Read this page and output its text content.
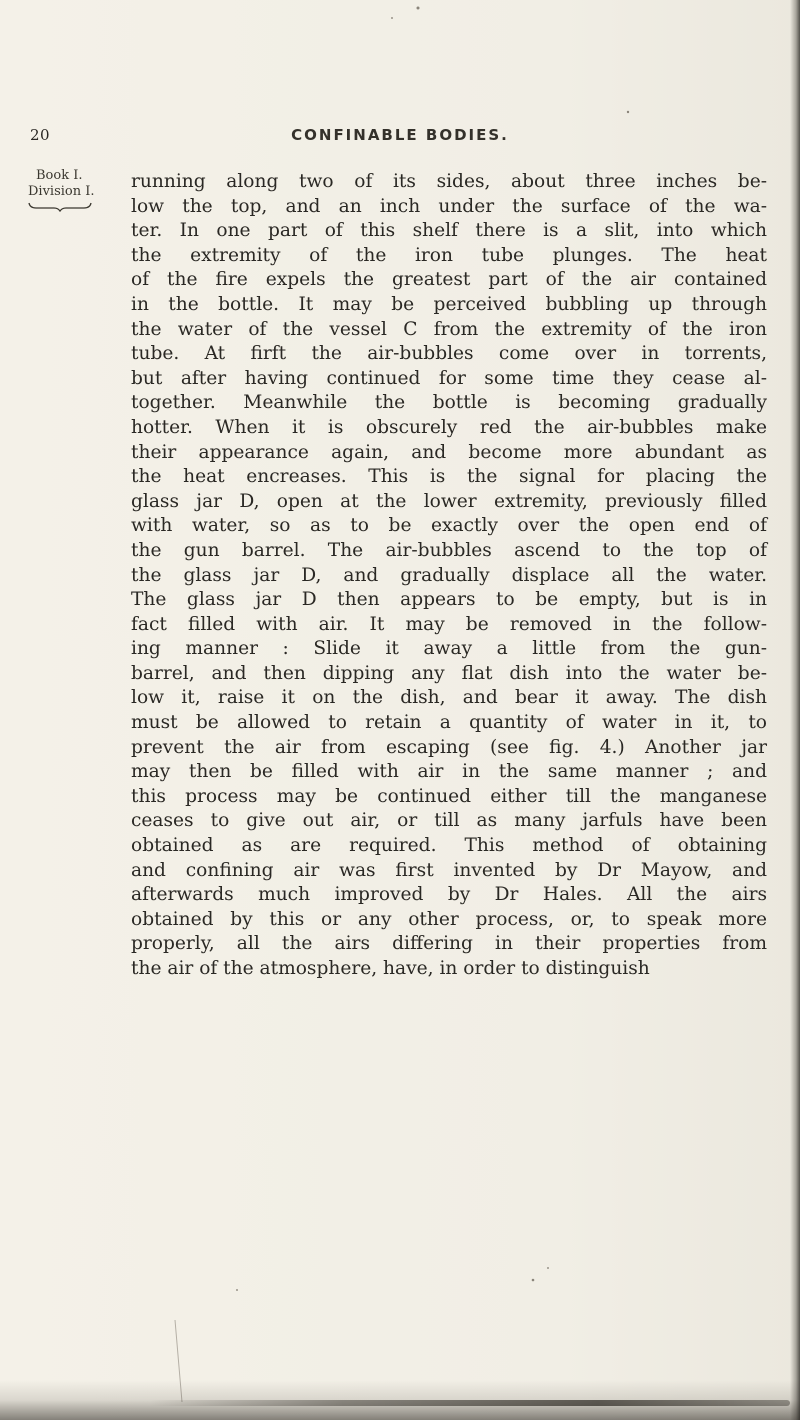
20	CONFINABLE BODIES.
Book I.
Division I. running along two of its sides, about three inches be-
low the top, and an inch under the surface of the wa-
ter. In one part of this shelf there is a slit, into which
the extremity of the iron tube plunges. The heat
of the fire expels the greatest part of the air contained
in the bottle. It may be perceived bubbling up through
the water of the vessel C from the extremity of the iron
tube. At firft the air-bubbles come over in torrents,
but after having continued for some time they cease al-
together. Meanwhile the bottle is becoming gradually
hotter. When it is obscurely red the air-bubbles make
their appearance again, and become more abundant as
the heat encreases. This is the signal for placing the
glass jar D, open at the lower extremity, previously filled
with water, so as to be exactly over the open end of
the gun barrel. The air-bubbles ascend to the top of
the glass jar D, and gradually displace all the water.
The glass jar D then appears to be empty, but is in
fact filled with air. It may be removed in the follow-
ing manner : Slide it away a little from the gun-
barrel, and then dipping any flat dish into the water be-
low it, raise it on the dish, and bear it away. The dish
must be allowed to retain a quantity of water in it, to
prevent the air from escaping (see fig. 4.) Another jar
may then be filled with air in the same manner ; and
this process may be continued either till the manganese
ceases to give out air, or till as many jarfuls have been
obtained as are required. This method of obtaining
and confining air was first invented by Dr Mayow, and
afterwards much improved by Dr Hales. All the airs
obtained by this or any other process, or, to speak more
properly, all the airs differing in their properties from
the air of the atmosphere, have, in order to distinguish
